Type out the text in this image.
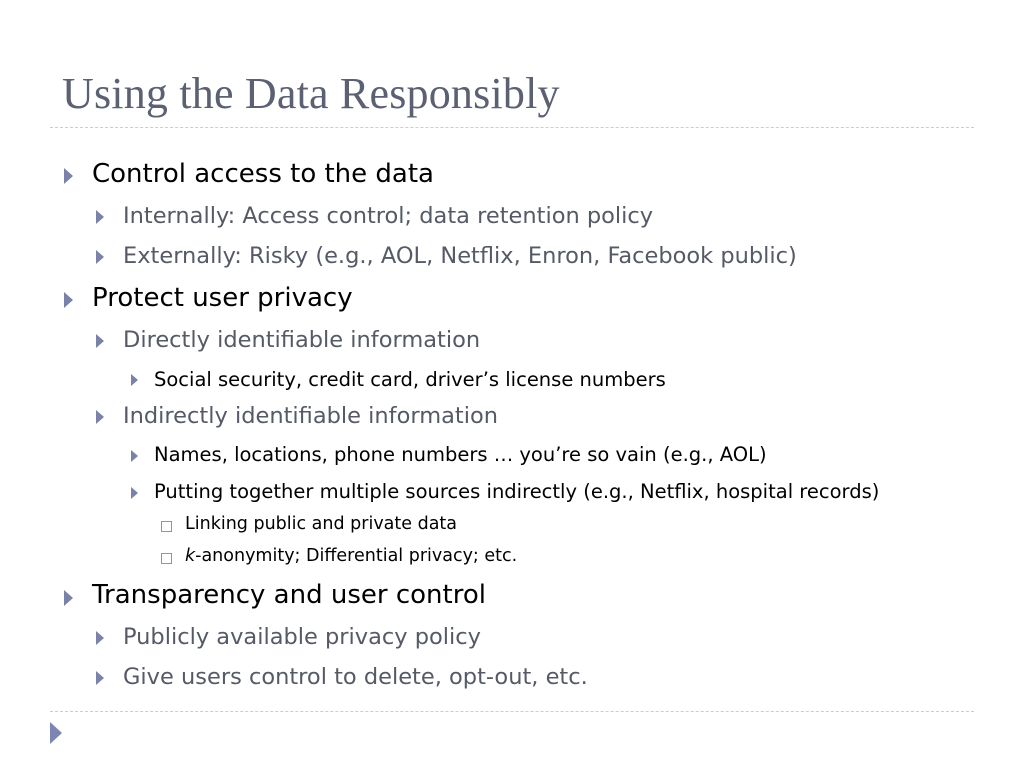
Using the Data Responsibly
Control access to the data
Internally: Access control; data retention policy
Externally: Risky (e.g., AOL, Netflix, Enron, Facebook public)
Protect user privacy
Directly identifiable information
Social security, credit card, driver’s license numbers
Indirectly identifiable information
Names, locations, phone numbers … you’re so vain (e.g., AOL)
Putting together multiple sources indirectly (e.g., Netflix, hospital records)
Linking public and private data
k-anonymity; Differential privacy; etc.
Transparency and user control
Publicly available privacy policy
Give users control to delete, opt-out, etc.
